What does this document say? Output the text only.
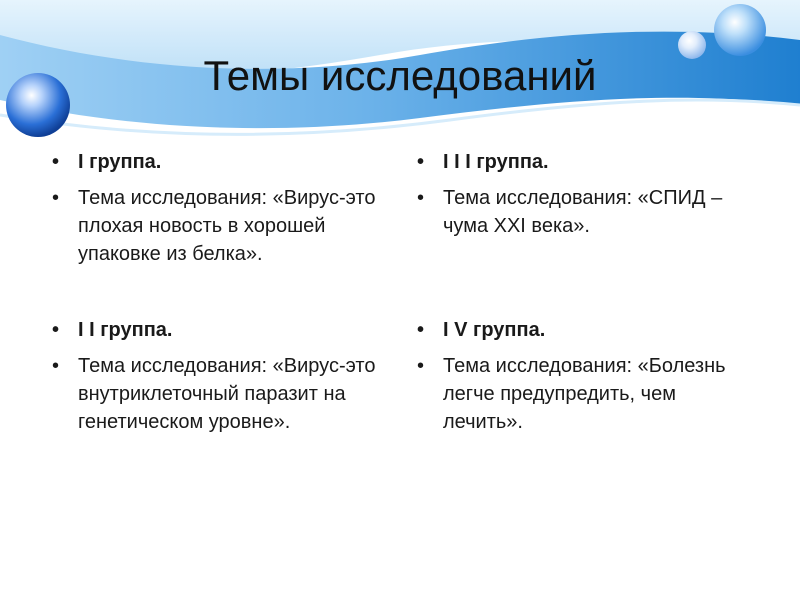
Темы исследований
• I группа.
• Тема исследования: «Вирус-это плохая новость в хорошей упаковке из белка».
• I I группа.
• Тема исследования: «Вирус-это внутриклеточный паразит на генетическом уровне».
• I I I группа.
• Тема исследования: «СПИД – чума XXI века».
• I V группа.
• Тема исследования: «Болезнь легче предупредить, чем лечить».
